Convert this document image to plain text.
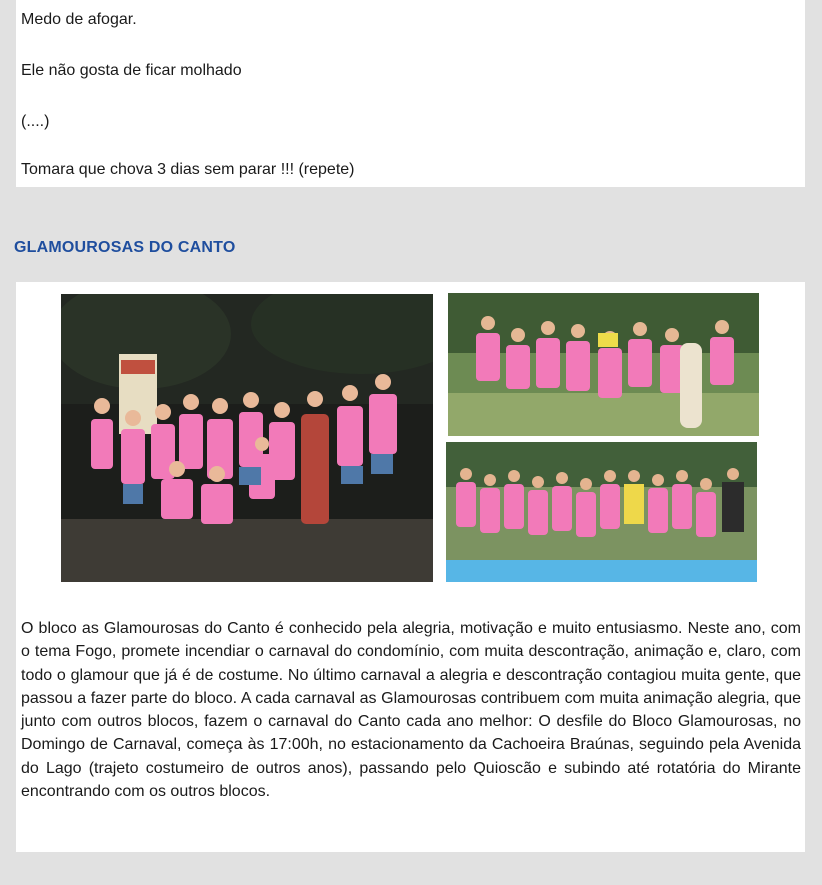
Medo de afogar.
Ele não gosta de ficar molhado
(....)
Tomara que chova 3 dias sem parar !!! (repete)
GLAMOUROSAS DO CANTO

O bloco as Glamourosas do Canto é conhecido pela alegria, motivação e muito entusiasmo. Neste ano, com o tema Fogo, promete incendiar o carnaval do condomínio, com muita descontração, animação e, claro, com todo o glamour que já é de costume. No último carnaval a alegria e descontração contagiou muita gente, que passou a fazer parte do bloco. A cada carnaval as Glamourosas contribuem com muita animação alegria, que junto com outros blocos, fazem o carnaval do Canto cada ano melhor: O desfile do Bloco Glamourosas, no Domingo de Carnaval, começa às 17:00h, no estacionamento da Cachoeira Braúnas, seguindo pela Avenida do Lago (trajeto costumeiro de outros anos), passando pelo Quioscão e subindo até rotatória do Mirante encontrando com os outros blocos.
